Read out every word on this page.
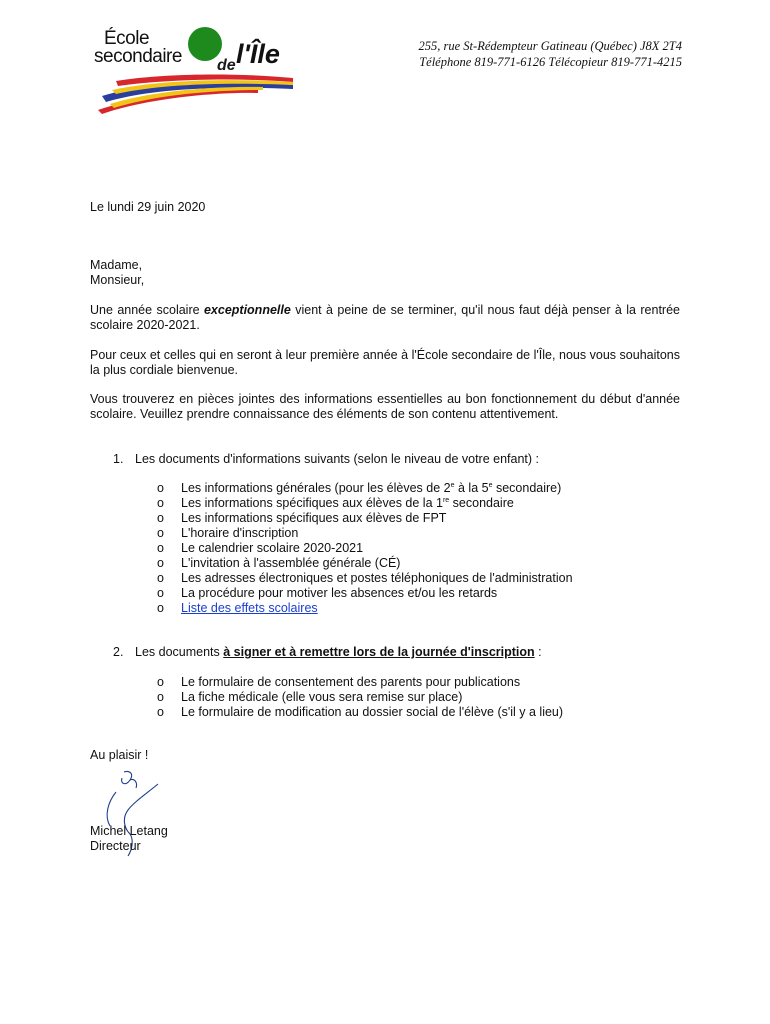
École
secondaire de l'Île	255, rue St-Rédempteur Gatineau (Québec) J8X 2T4
Téléphone 819-771-6126 Télécopieur 819-771-4215
Le lundi 29 juin 2020
Madame,
Monsieur,
Une année scolaire exceptionnelle vient à peine de se terminer, qu'il nous faut déjà penser à la rentrée scolaire 2020-2021.
Pour ceux et celles qui en seront à leur première année à l'École secondaire de l'Île, nous vous souhaitons la plus cordiale bienvenue.
Vous trouverez en pièces jointes des informations essentielles au bon fonctionnement du début d'année scolaire. Veuillez prendre connaissance des éléments de son contenu attentivement.
1. Les documents d'informations suivants (selon le niveau de votre enfant) :
o	Les informations générales (pour les élèves de 2e à la 5e secondaire)
o	Les informations spécifiques aux élèves de la 1re secondaire
o	Les informations spécifiques aux élèves de FPT
o	L'horaire d'inscription
o	Le calendrier scolaire 2020-2021
o	L'invitation à l'assemblée générale (CÉ)
o	Les adresses électroniques et postes téléphoniques de l'administration
o	La procédure pour motiver les absences et/ou les retards
o	Liste des effets scolaires
2. Les documents à signer et à remettre lors de la journée d'inscription :
o	Le formulaire de consentement des parents pour publications
o	La fiche médicale (elle vous sera remise sur place)
o	Le formulaire de modification au dossier social de l'élève (s'il y a lieu)
Au plaisir !
Michel Letang
Directeur
